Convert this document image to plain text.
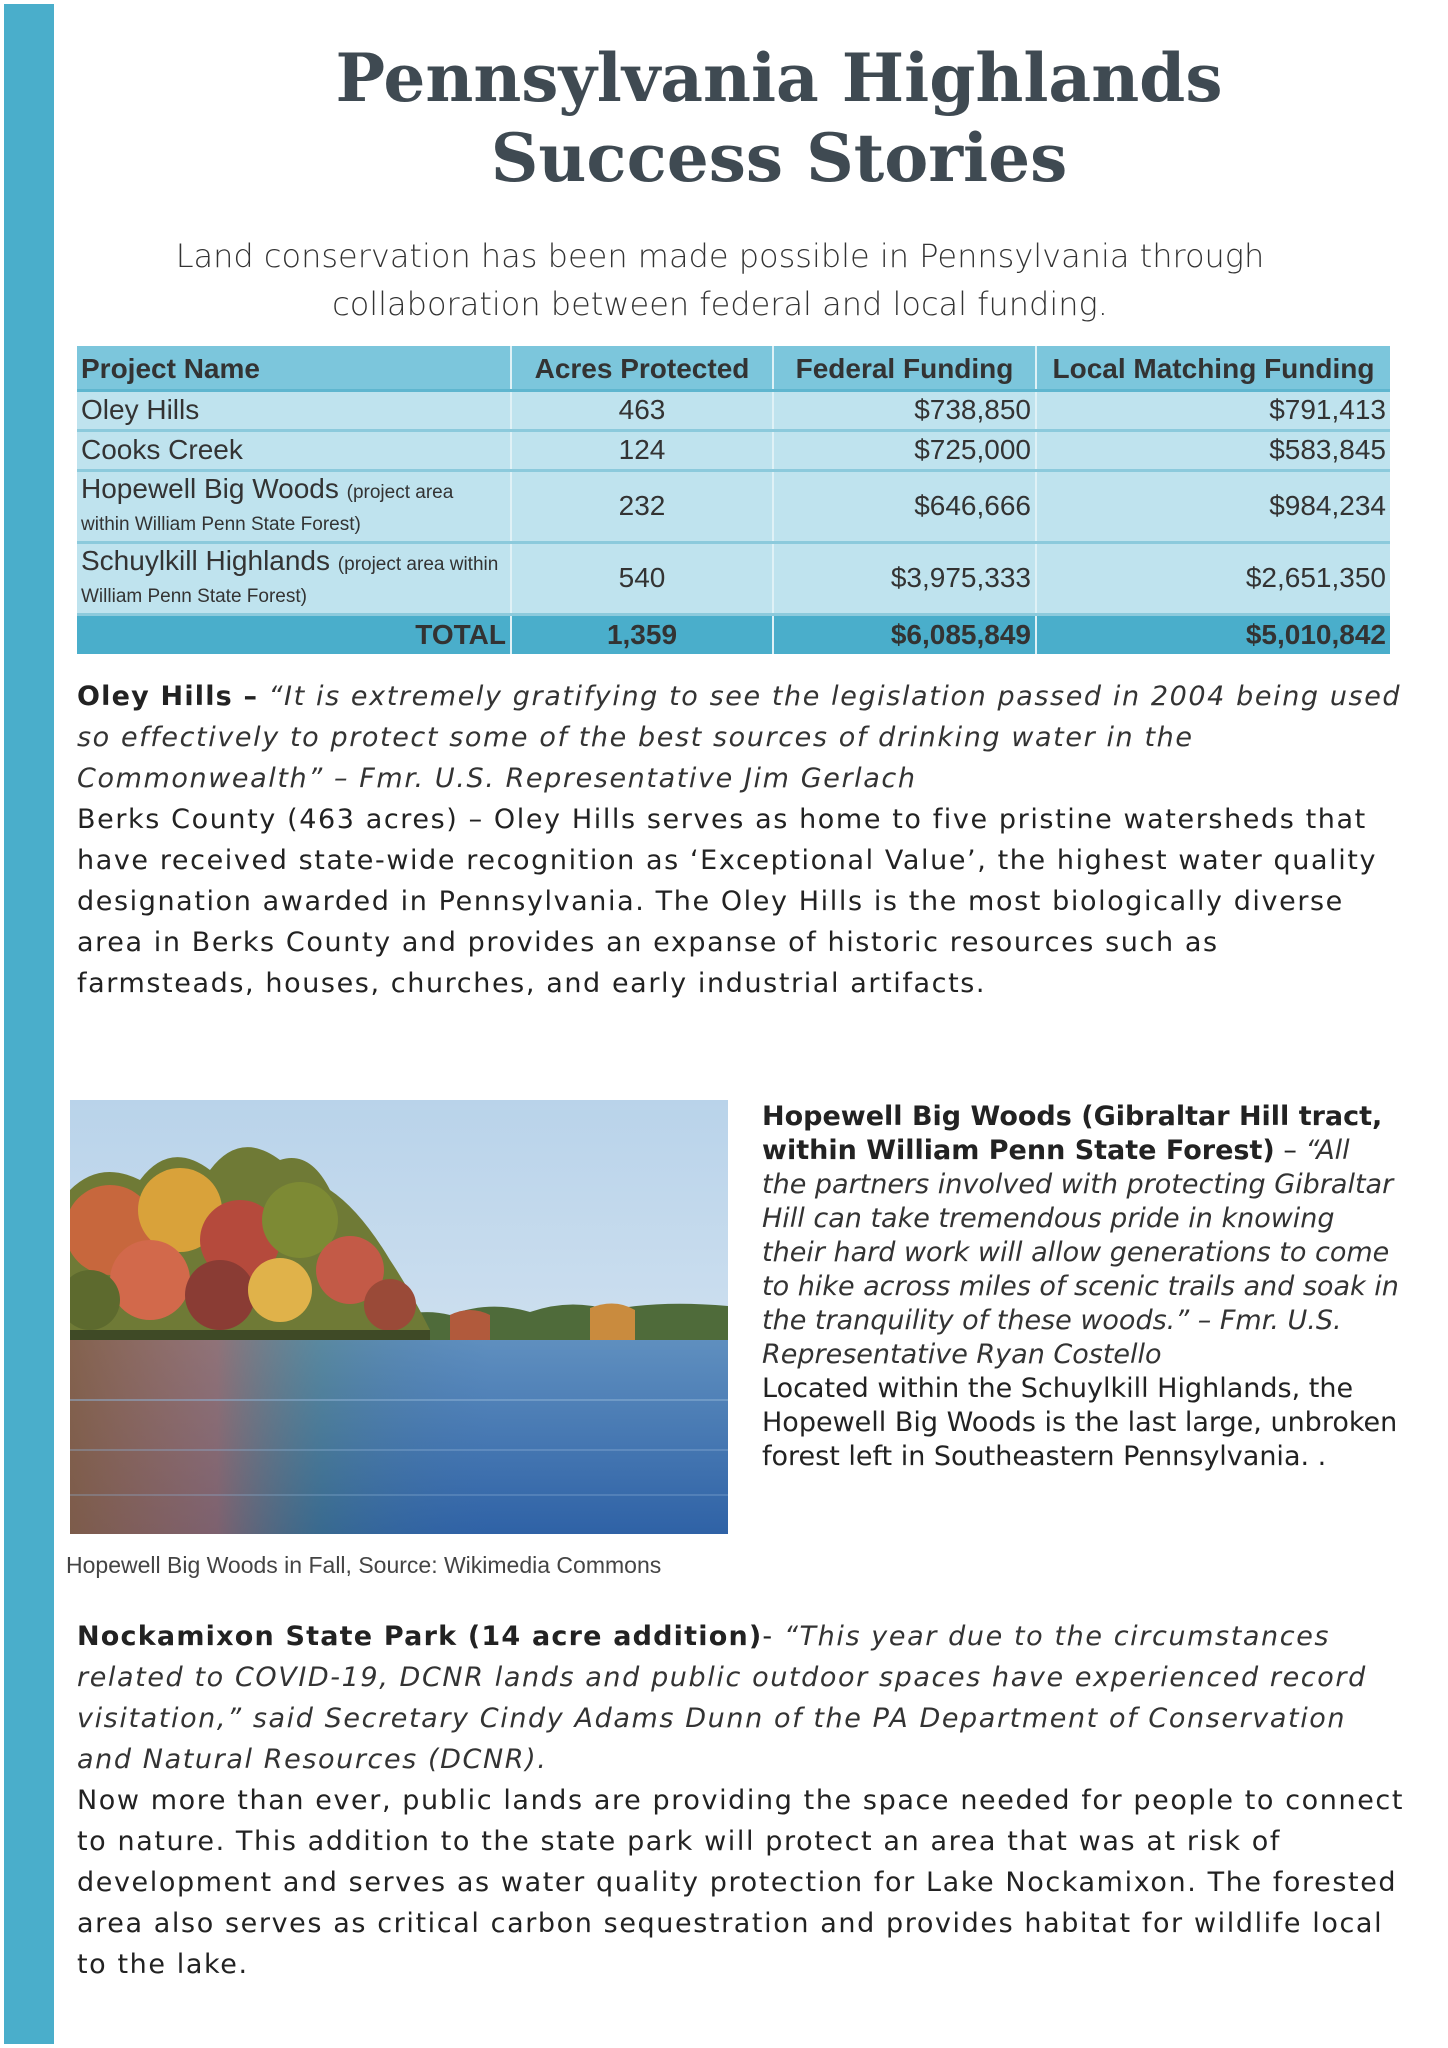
Pennsylvania Highlands
Success Stories

Land conservation has been made possible in Pennsylvania through collaboration between federal and local funding.

Project Name	Acres Protected	Federal Funding	Local Matching Funding
Oley Hills	463	$738,850	$791,413
Cooks Creek	124	$725,000	$583,845

Hopewell Big Woods (project area
within William Penn State Forest)	232	$646,666	$984,234

Schuylkill Highlands (project area within
William Penn State Forest)	540	$3,975,333	$2,651,350
TOTAL	1,359	$6,085,849	$5,010,842

Oley Hills – “It is extremely gratifying to see the legislation passed in 2004 being used so effectively to protect some of the best sources of drinking water in the Commonwealth” – Fmr. U.S. Representative Jim Gerlach

Berks County (463 acres) – Oley Hills serves as home to five pristine watersheds that have received state-wide recognition as ‘Exceptional Value’, the highest water quality designation awarded in Pennsylvania. The Oley Hills is the most biologically diverse area in Berks County and provides an expanse of historic resources such as farmsteads, houses, churches, and early industrial artifacts.

Hopewell Big Woods in Fall, Source: Wikimedia Commons

Hopewell Big Woods (Gibraltar Hill tract, within William Penn State Forest) – “All the partners involved with protecting Gibraltar Hill can take tremendous pride in knowing their hard work will allow generations to come to hike across miles of scenic trails and soak in the tranquility of these woods.” – Fmr. U.S. Representative Ryan Costello

Located within the Schuylkill Highlands, the Hopewell Big Woods is the last large, unbroken forest left in Southeastern Pennsylvania. .

Nockamixon State Park (14 acre addition)- “This year due to the circumstances related to COVID-19, DCNR lands and public outdoor spaces have experienced record visitation,” said Secretary Cindy Adams Dunn of the PA Department of Conservation and Natural Resources (DCNR).

Now more than ever, public lands are providing the space needed for people to connect to nature. This addition to the state park will protect an area that was at risk of development and serves as water quality protection for Lake Nockamixon. The forested area also serves as critical carbon sequestration and provides habitat for wildlife local to the lake.
